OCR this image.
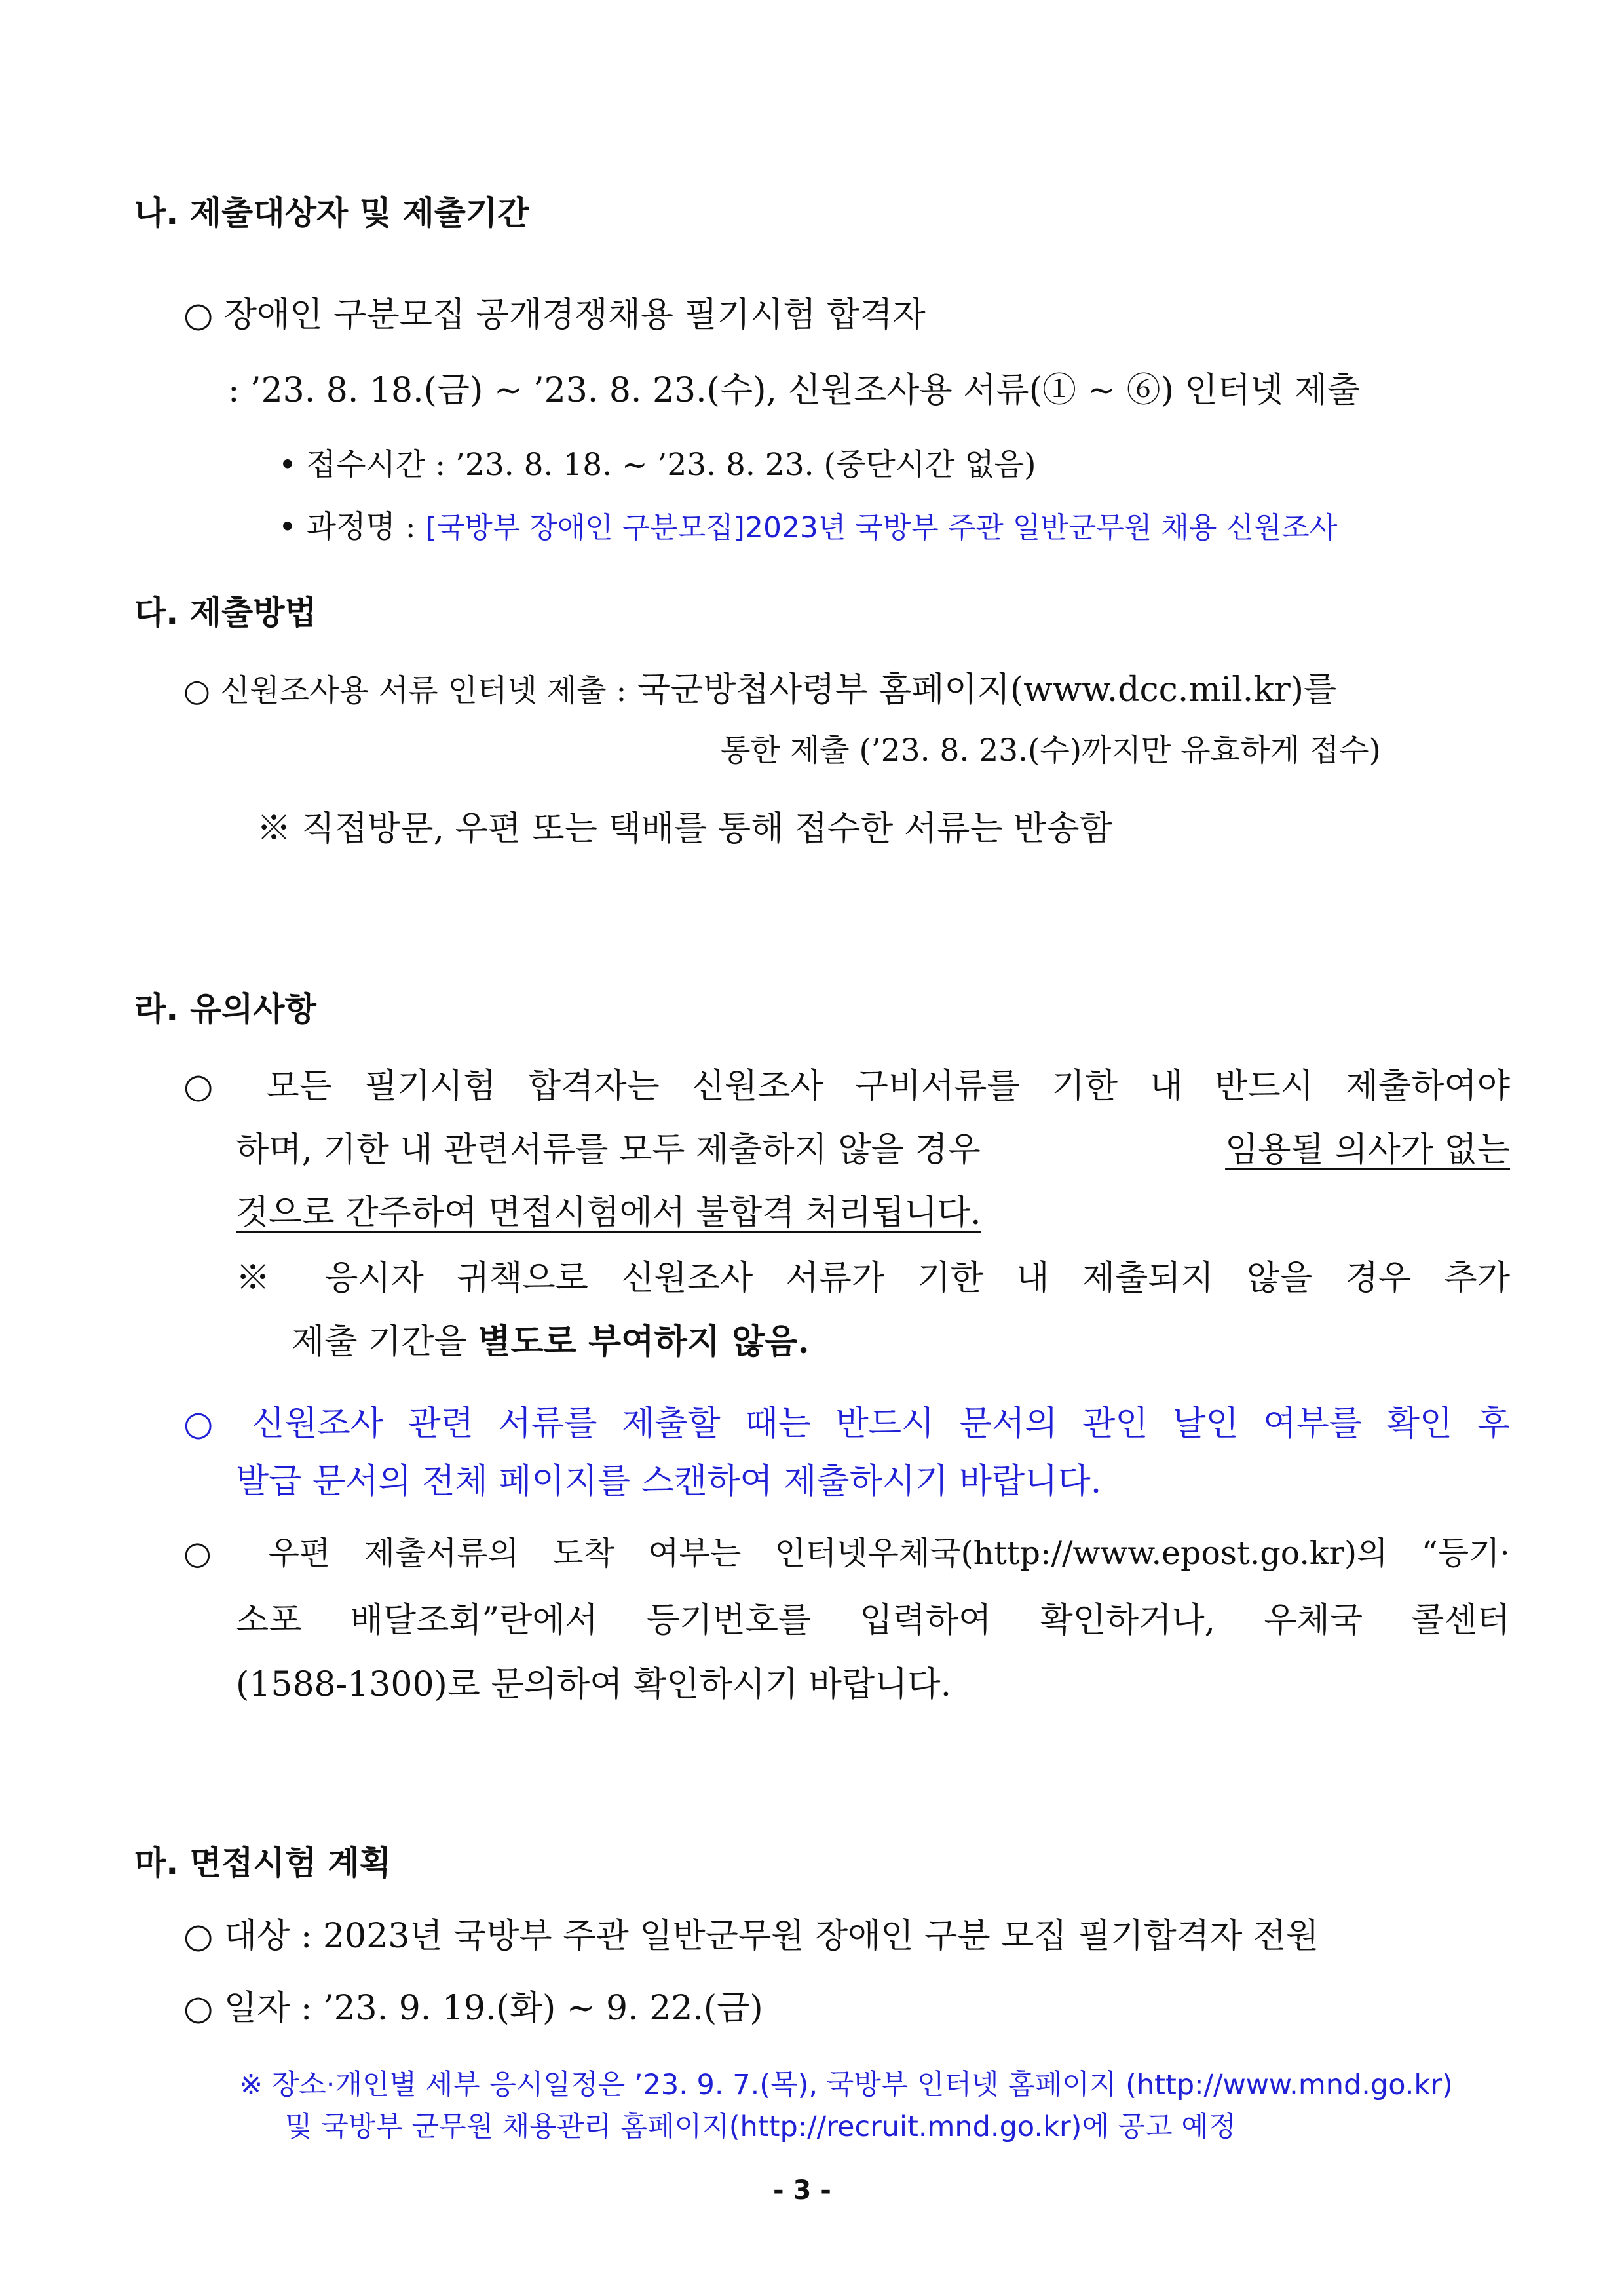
나. 제출대상자 및 제출기간
○ 장애인 구분모집 공개경쟁채용 필기시험 합격자
: ’23. 8. 18.(금) ~ ’23. 8. 23.(수), 신원조사용 서류(① ~ ⑥) 인터넷 제출
• 접수시간 : ’23. 8. 18. ~ ’23. 8. 23. (중단시간 없음)
• 과정명 : [국방부 장애인 구분모집]2023년 국방부 주관 일반군무원 채용 신원조사
다. 제출방법
○ 신원조사용 서류 인터넷 제출 : 국군방첩사령부 홈페이지(www.dcc.mil.kr)를
통한 제출 (’23. 8. 23.(수)까지만 유효하게 접수)
※ 직접방문, 우편 또는 택배를 통해 접수한 서류는 반송함
라. 유의사항
○ 모든 필기시험 합격자는 신원조사 구비서류를 기한 내 반드시 제출하여야
하며, 기한 내 관련서류를 모두 제출하지 않을 경우	임용될 의사가 없는
것으로 간주하여 면접시험에서 불합격 처리됩니다.
※ 응시자 귀책으로 신원조사 서류가 기한 내 제출되지 않을 경우 추가
제출 기간을 별도로 부여하지 않음.
○ 신원조사 관련 서류를 제출할 때는 반드시 문서의 관인 날인 여부를 확인 후
발급 문서의 전체 페이지를 스캔하여 제출하시기 바랍니다.
○ 우편 제출서류의 도착 여부는 인터넷우체국(http://www.epost.go.kr)의 “등기·
소포 배달조회”란에서 등기번호를 입력하여 확인하거나, 우체국 콜센터
(1588-1300)로 문의하여 확인하시기 바랍니다.
마. 면접시험 계획
○ 대상 : 2023년 국방부 주관 일반군무원 장애인 구분 모집 필기합격자 전원
○ 일자 : ’23. 9. 19.(화) ~ 9. 22.(금)
※ 장소·개인별 세부 응시일정은 ’23. 9. 7.(목), 국방부 인터넷 홈페이지 (http://www.mnd.go.kr)
및 국방부 군무원 채용관리 홈페이지(http://recruit.mnd.go.kr)에 공고 예정
- 3 -
